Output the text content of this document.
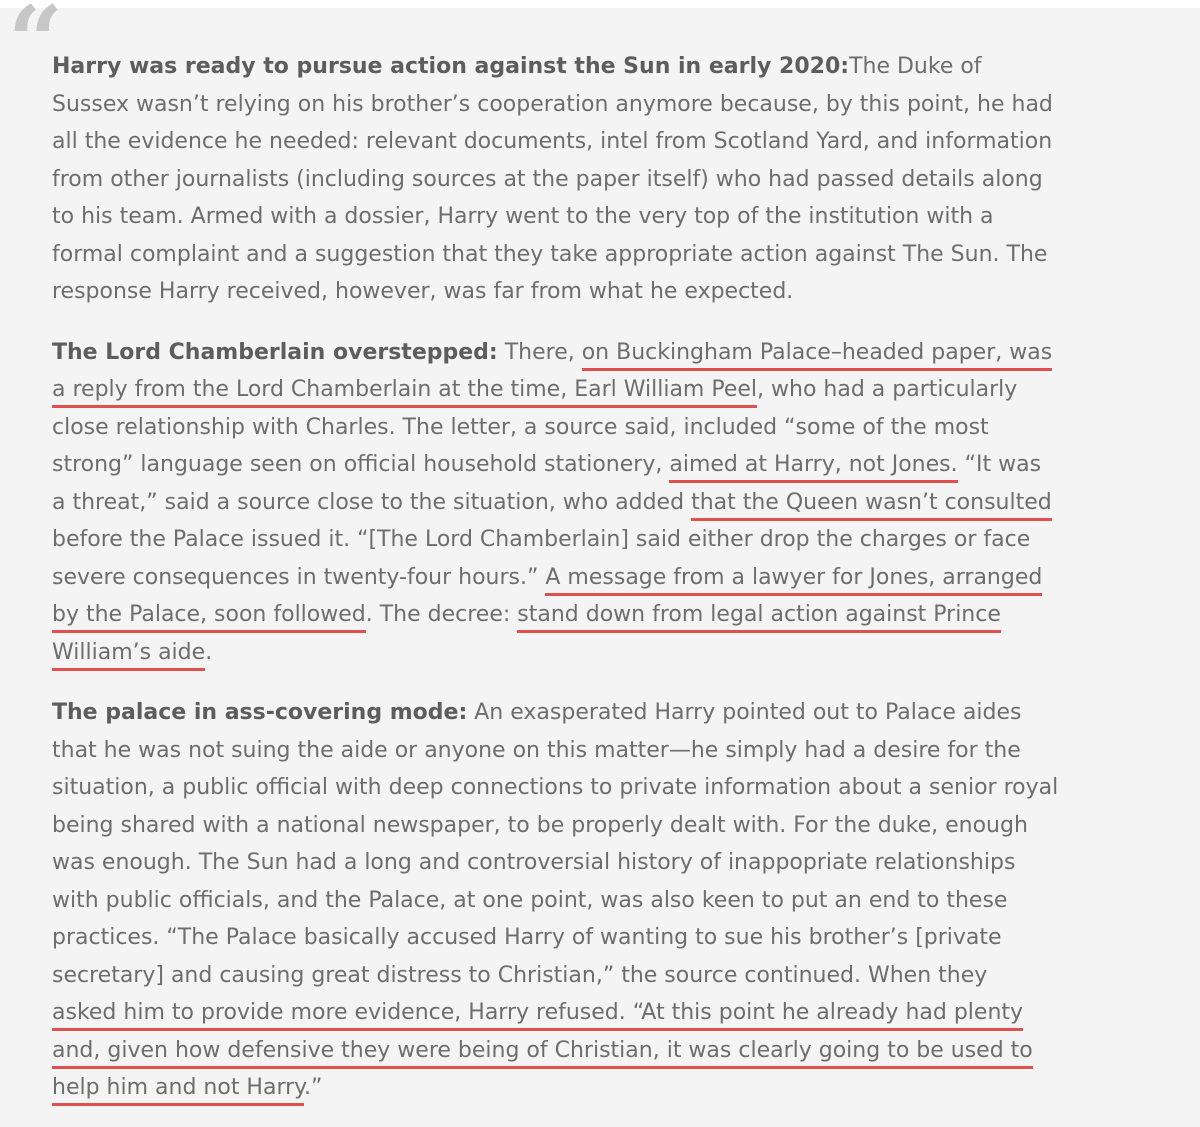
“
Harry was ready to pursue action against the Sun in early 2020:The Duke of
Sussex wasn’t relying on his brother’s cooperation anymore because, by this point, he had
all the evidence he needed: relevant documents, intel from Scotland Yard, and information
from other journalists (including sources at the paper itself) who had passed details along
to his team. Armed with a dossier, Harry went to the very top of the institution with a
formal complaint and a suggestion that they take appropriate action against The Sun. The
response Harry received, however, was far from what he expected.
The Lord Chamberlain overstepped: There, on Buckingham Palace–headed paper, was
a reply from the Lord Chamberlain at the time, Earl William Peel, who had a particularly
close relationship with Charles. The letter, a source said, included “some of the most
strong” language seen on official household stationery, aimed at Harry, not Jones. “It was
a threat,” said a source close to the situation, who added that the Queen wasn’t consulted
before the Palace issued it. “[The Lord Chamberlain] said either drop the charges or face
severe consequences in twenty-four hours.” A message from a lawyer for Jones, arranged
by the Palace, soon followed. The decree: stand down from legal action against Prince
William’s aide.
The palace in ass-covering mode: An exasperated Harry pointed out to Palace aides
that he was not suing the aide or anyone on this matter—he simply had a desire for the
situation, a public official with deep connections to private information about a senior royal
being shared with a national newspaper, to be properly dealt with. For the duke, enough
was enough. The Sun had a long and controversial history of inappopriate relationships
with public officials, and the Palace, at one point, was also keen to put an end to these
practices. “The Palace basically accused Harry of wanting to sue his brother’s [private
secretary] and causing great distress to Christian,” the source continued. When they
asked him to provide more evidence, Harry refused. “At this point he already had plenty
and, given how defensive they were being of Christian, it was clearly going to be used to
help him and not Harry.”
